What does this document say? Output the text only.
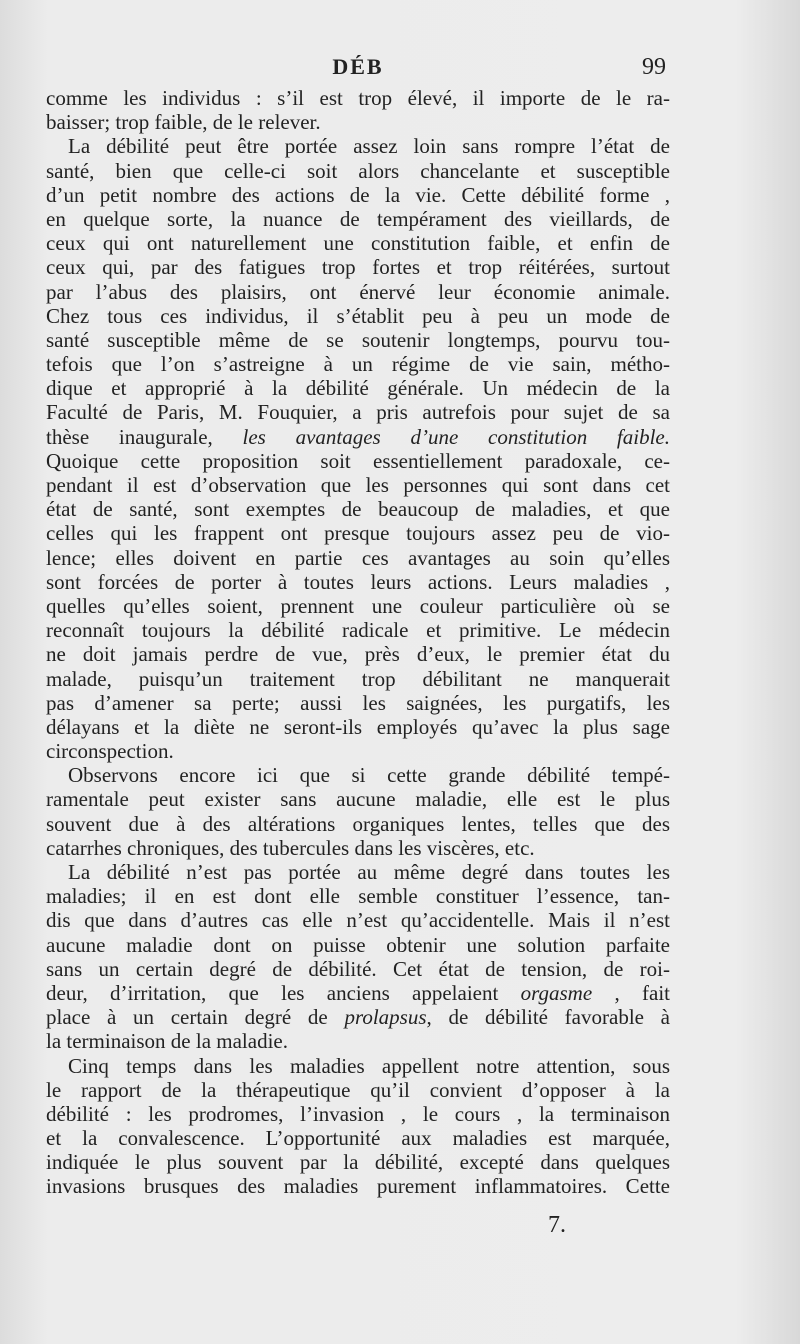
DÉB	99

comme les individus : s’il est trop élevé, il importe de le ra-
baisser; trop faible, de le relever.

La débilité peut être portée assez loin sans rompre l’état de
santé, bien que celle-ci soit alors chancelante et susceptible
d’un petit nombre des actions de la vie. Cette débilité forme ,
en quelque sorte, la nuance de tempérament des vieillards, de
ceux qui ont naturellement une constitution faible, et enfin de
ceux qui, par des fatigues trop fortes et trop réitérées, surtout
par l’abus des plaisirs, ont énervé leur économie animale.
Chez tous ces individus, il s’établit peu à peu un mode de
santé susceptible même de se soutenir longtemps, pourvu tou-
tefois que l’on s’astreigne à un régime de vie sain, métho-
dique et approprié à la débilité générale. Un médecin de la
Faculté de Paris, M. Fouquier, a pris autrefois pour sujet de sa
thèse inaugurale, les avantages d’une constitution faible.
Quoique cette proposition soit essentiellement paradoxale, ce-
pendant il est d’observation que les personnes qui sont dans cet
état de santé, sont exemptes de beaucoup de maladies, et que
celles qui les frappent ont presque toujours assez peu de vio-
lence; elles doivent en partie ces avantages au soin qu’elles
sont forcées de porter à toutes leurs actions. Leurs maladies ,
quelles qu’elles soient, prennent une couleur particulière où se
reconnaît toujours la débilité radicale et primitive. Le médecin
ne doit jamais perdre de vue, près d’eux, le premier état du
malade, puisqu’un traitement trop débilitant ne manquerait
pas d’amener sa perte; aussi les saignées, les purgatifs, les
délayans et la diète ne seront-ils employés qu’avec la plus sage
circonspection.

Observons encore ici que si cette grande débilité tempé-
ramentale peut exister sans aucune maladie, elle est le plus
souvent due à des altérations organiques lentes, telles que des
catarrhes chroniques, des tubercules dans les viscères, etc.

La débilité n’est pas portée au même degré dans toutes les
maladies; il en est dont elle semble constituer l’essence, tan-
dis que dans d’autres cas elle n’est qu’accidentelle. Mais il n’est
aucune maladie dont on puisse obtenir une solution parfaite
sans un certain degré de débilité. Cet état de tension, de roi-
deur, d’irritation, que les anciens appelaient orgasme , fait
place à un certain degré de prolapsus, de débilité favorable à
la terminaison de la maladie.

Cinq temps dans les maladies appellent notre attention, sous
le rapport de la thérapeutique qu’il convient d’opposer à la
débilité : les prodromes, l’invasion , le cours , la terminaison
et la convalescence. L’opportunité aux maladies est marquée,
indiquée le plus souvent par la débilité, excepté dans quelques
invasions brusques des maladies purement inflammatoires. Cette

7.
